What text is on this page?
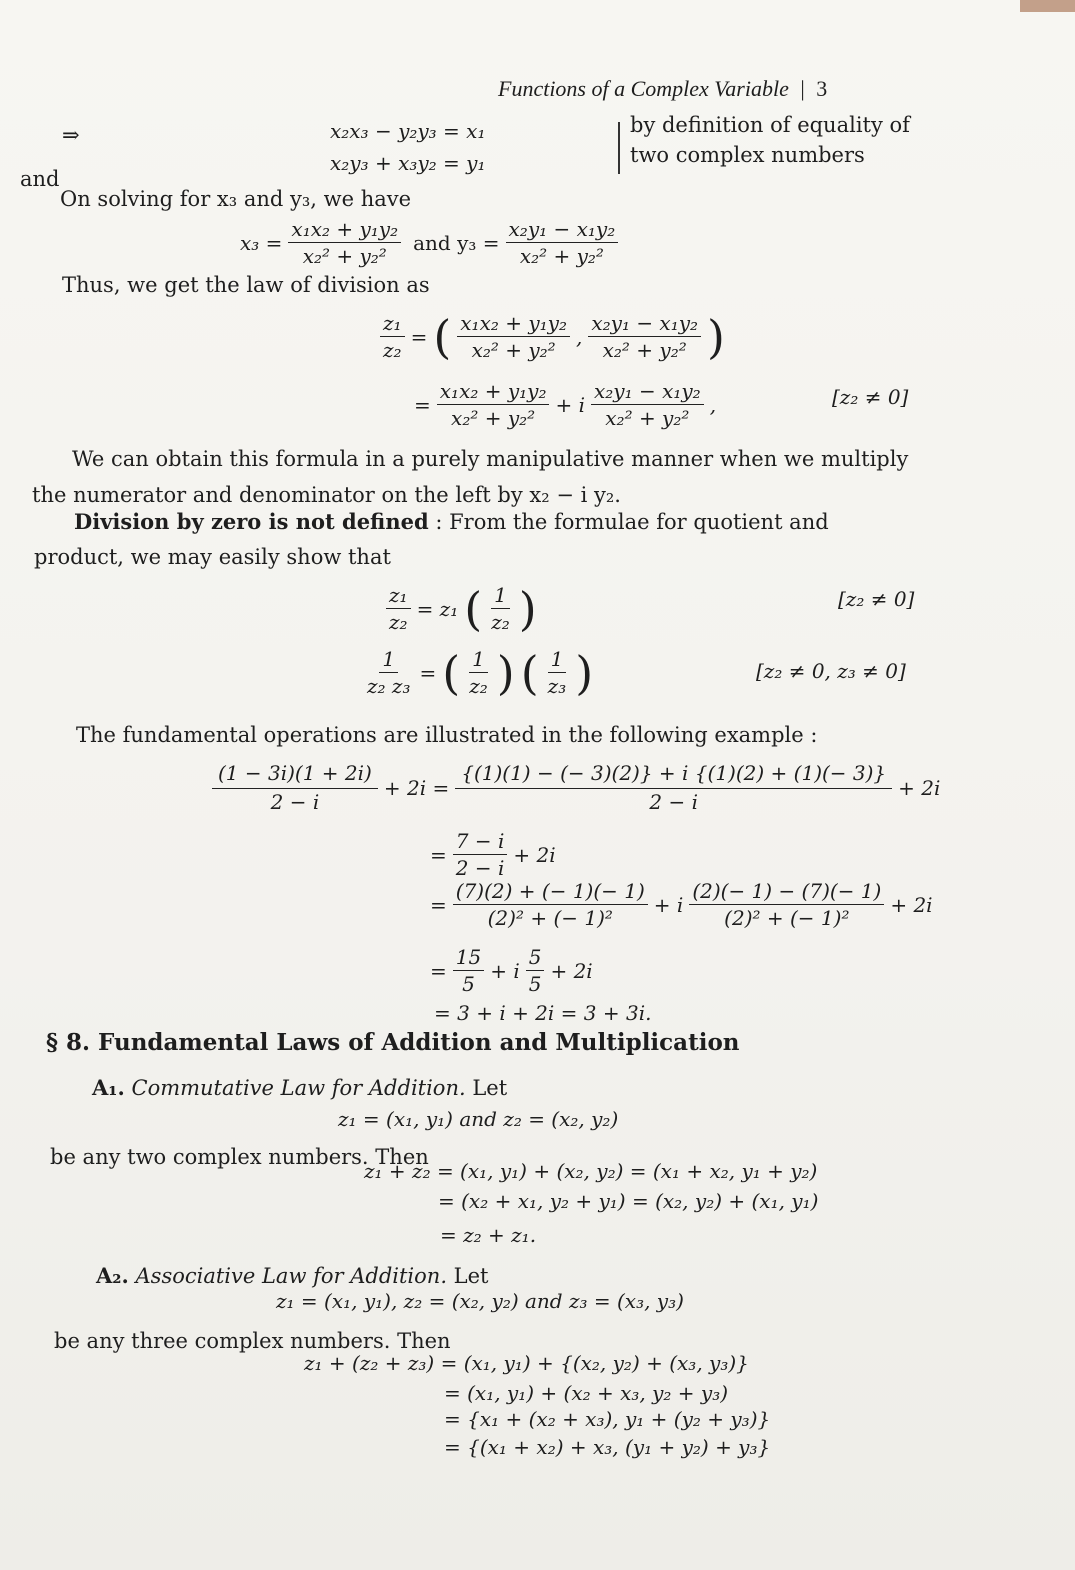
Functions of a Complex Variable | 3
⇒	x₂x₃ − y₂y₃ = x₁
x₂y₃ + x₃y₂ = y₁
by definition of equality of
two complex numbers
and
On solving for x₃ and y₃, we have
$x_3 = \frac{\text{x₁x₂ + y₁y₂}}{\text{x₂² + y₂²}}$ and $y_3 = \frac{\text{x₂y₁ − x₁y₂}}{\text{x₂² + y₂²}}$
Thus, we get the law of division as
$\frac{\text{z₁}}{\text{z₂}}$ = ( $\frac{\text{x₁x₂ + y₁y₂}}{\text{x₂² + y₂²}}$ , $\frac{\text{x₂y₁ − x₁y₂}}{\text{x₂² + y₂²}}$ )
= $\frac{\text{x₁x₂ + y₁y₂}}{\text{x₂² + y₂²}} + i \frac{\text{x₂y₁ − x₁y₂}}{\text{x₂² + y₂²}}$ ,	[z₂ ≠ 0]
We can obtain this formula in a purely manipulative manner when we multiply
the numerator and denominator on the left by x₂ − i y₂.
Division by zero is not defined : From the formulae for quotient and
product, we may easily show that
$\frac{\text{z₁}}{\text{z₂}} = z_1$ ( $\frac{1}{\text{z₂}}$ )	[z₂ ≠ 0]
$\frac{1}{\text{z₂ z₃}}$ = ( $\frac{1}{\text{z₂}}$ ) ( $\frac{1}{\text{z₃}}$ )	[z₂ ≠ 0, z₃ ≠ 0]
The fundamental operations are illustrated in the following example :
$\frac{(1 - 3i)(1 + 2i)}{2 - i} + 2i = \frac{\{(1)(1) - (- 3)(2)\} + i \{(1)(2) + (1)(- 3)\}}{2 - i} + 2i$
= $\frac{7 - i}{2 - i} + 2i$
= $\frac{(7)(2) + (- 1)(- 1)}{\text{(2)² + (− 1)²}} + i \frac{(2)(- 1) - (7)(- 1)}{\text{(2)² + (− 1)²}} + 2i$
= $\frac{15}{5} + i \frac{5}{5} + 2i$
= 3 + i + 2i = 3 + 3i.
§ 8. Fundamental Laws of Addition and Multiplication
A₁. Commutative Law for Addition. Let
z₁ = (x₁, y₁) and z₂ = (x₂, y₂)
be any two complex numbers. Then
z₁ + z₂ = (x₁, y₁) + (x₂, y₂) = (x₁ + x₂, y₁ + y₂)
= (x₂ + x₁, y₂ + y₁) = (x₂, y₂) + (x₁, y₁)
= z₂ + z₁.
A₂. Associative Law for Addition. Let
z₁ = (x₁, y₁), z₂ = (x₂, y₂) and z₃ = (x₃, y₃)
be any three complex numbers. Then
z₁ + (z₂ + z₃) = (x₁, y₁) + {(x₂, y₂) + (x₃, y₃)}
= (x₁, y₁) + (x₂ + x₃, y₂ + y₃)
= {x₁ + (x₂ + x₃), y₁ + (y₂ + y₃)}
= {(x₁ + x₂) + x₃, (y₁ + y₂) + y₃}
